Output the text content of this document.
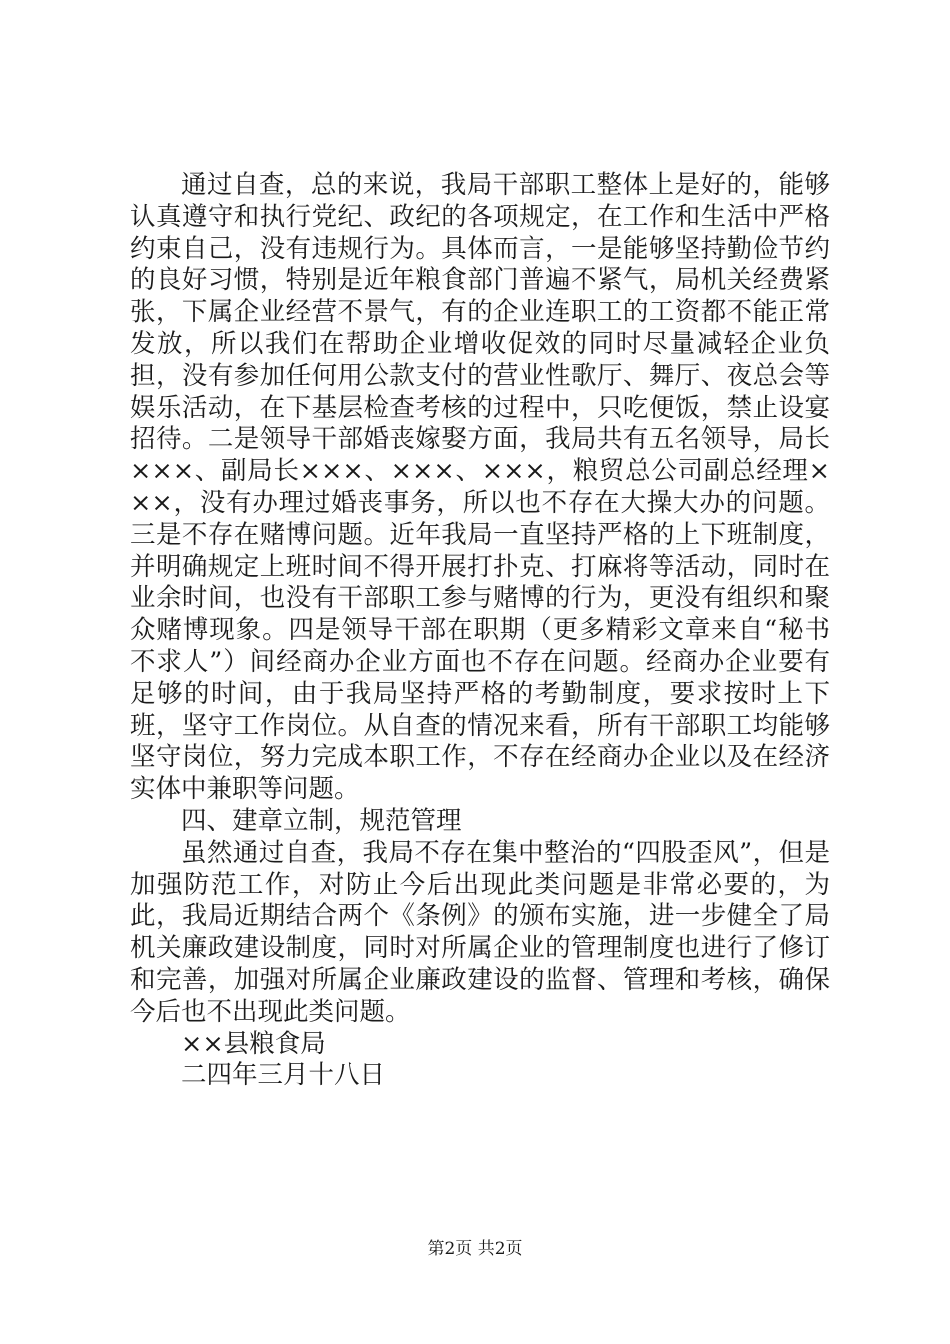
通过自查，总的来说，我局干部职工整体上是好的，能够认真遵守和执行党纪、政纪的各项规定，在工作和生活中严格约束自己，没有违规行为。具体而言，一是能够坚持勤俭节约的良好习惯，特别是近年粮食部门普遍不紧气，局机关经费紧张，下属企业经营不景气，有的企业连职工的工资都不能正常发放，所以我们在帮助企业增收促效的同时尽量减轻企业负担，没有参加任何用公款支付的营业性歌厅、舞厅、夜总会等娱乐活动，在下基层检查考核的过程中，只吃便饭，禁止设宴招待。二是领导干部婚丧嫁娶方面，我局共有五名领导，局长×××、副局长×××、×××、×××，粮贸总公司副总经理×××，没有办理过婚丧事务，所以也不存在大操大办的问题。三是不存在赌博问题。近年我局一直坚持严格的上下班制度，并明确规定上班时间不得开展打扑克、打麻将等活动，同时在业余时间，也没有干部职工参与赌博的行为，更没有组织和聚众赌博现象。四是领导干部在职期（更多精彩文章来自“秘书不求人”）间经商办企业方面也不存在问题。经商办企业要有足够的时间，由于我局坚持严格的考勤制度，要求按时上下班，坚守工作岗位。从自查的情况来看，所有干部职工均能够坚守岗位，努力完成本职工作，不存在经商办企业以及在经济实体中兼职等问题。

四、建章立制，规范管理

虽然通过自查，我局不存在集中整治的“四股歪风”，但是加强防范工作，对防止今后出现此类问题是非常必要的，为此，我局近期结合两个《条例》的颁布实施，进一步健全了局机关廉政建设制度，同时对所属企业的管理制度也进行了修订和完善，加强对所属企业廉政建设的监督、管理和考核，确保今后也不出现此类问题。

××县粮食局

二四年三月十八日

第2页 共2页
